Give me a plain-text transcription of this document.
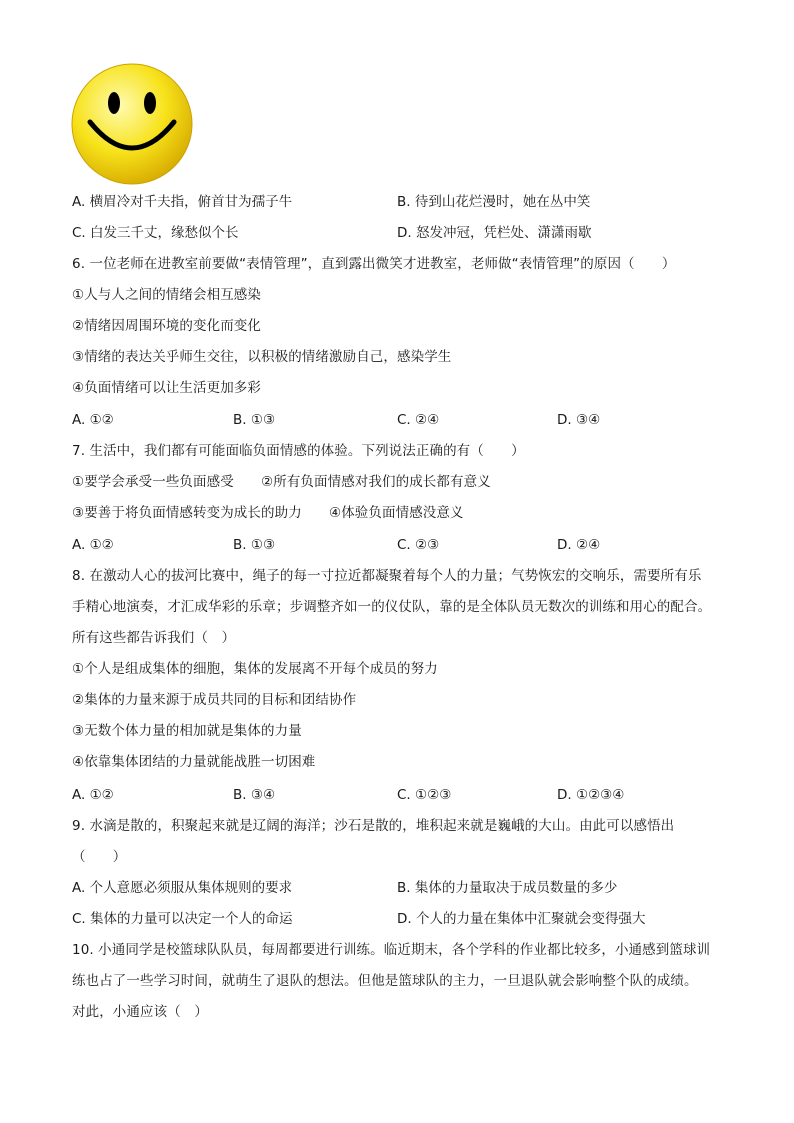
A. 横眉冷对千夫指，俯首甘为孺子牛	B. 待到山花烂漫时，她在丛中笑
C. 白发三千丈，缘愁似个长	D. 怒发冲冠，凭栏处、潇潇雨歇
6. 一位老师在进教室前要做“表情管理”，直到露出微笑才进教室，老师做“表情管理”的原因（　　）
①人与人之间的情绪会相互感染
②情绪因周围环境的变化而变化
③情绪的表达关乎师生交往，以积极的情绪激励自己，感染学生
④负面情绪可以让生活更加多彩
A. ①②	B. ①③	C. ②④	D. ③④
7. 生活中，我们都有可能面临负面情感的体验。下列说法正确的有（　　）
①要学会承受一些负面感受　　②所有负面情感对我们的成长都有意义
③要善于将负面情感转变为成长的助力　　④体验负面情感没意义
A. ①②	B. ①③	C. ②③	D. ②④
8. 在激动人心的拔河比赛中，绳子的每一寸拉近都凝聚着每个人的力量；气势恢宏的交响乐，需要所有乐
手精心地演奏，才汇成华彩的乐章；步调整齐如一的仪仗队，靠的是全体队员无数次的训练和用心的配合。
所有这些都告诉我们（　）
①个人是组成集体的细胞，集体的发展离不开每个成员的努力
②集体的力量来源于成员共同的目标和团结协作
③无数个体力量的相加就是集体的力量
④依靠集体团结的力量就能战胜一切困难
A. ①②	B. ③④	C. ①②③	D. ①②③④
9. 水滴是散的，积聚起来就是辽阔的海洋；沙石是散的，堆积起来就是巍峨的大山。由此可以感悟出
（　　）
A. 个人意愿必须服从集体规则的要求	B. 集体的力量取决于成员数量的多少
C. 集体的力量可以决定一个人的命运	D. 个人的力量在集体中汇聚就会变得强大
10. 小通同学是校篮球队队员，每周都要进行训练。临近期末，各个学科的作业都比较多，小通感到篮球训
练也占了一些学习时间，就萌生了退队的想法。但他是篮球队的主力，一旦退队就会影响整个队的成绩。
对此，小通应该（　）
